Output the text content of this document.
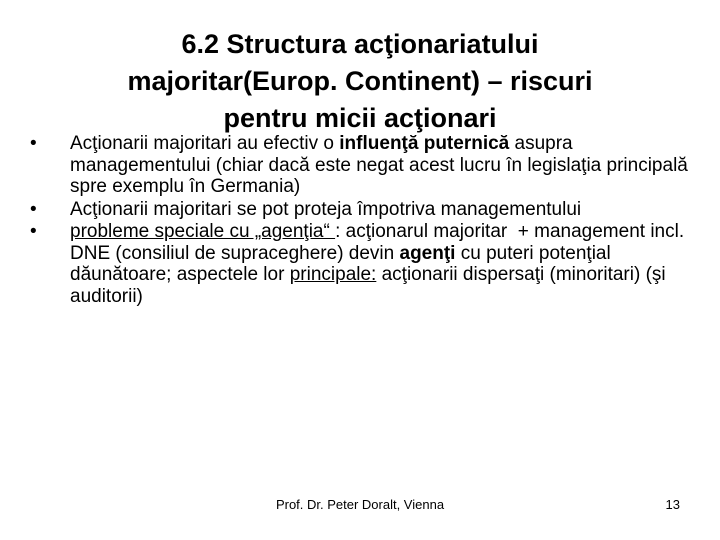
6.2 Structura acţionariatului
majoritar(Europ. Continent) – riscuri
pentru micii acţionari
•	Acţionarii majoritari au efectiv o influenţă puternică asupra managementului (chiar dacă este negat acest lucru în legislaţia principală spre exemplu în Germania)
•	Acţionarii majoritari se pot proteja împotriva managementului
•	probleme speciale cu „agenţia“ : acţionarul majoritar  + management incl. DNE (consiliul de supraceghere) devin agenţi cu puteri potenţial dăunătoare; aspectele lor principale: acţionarii dispersaţi (minoritari) (şi auditorii)
Prof. Dr. Peter Doralt, Vienna	13
